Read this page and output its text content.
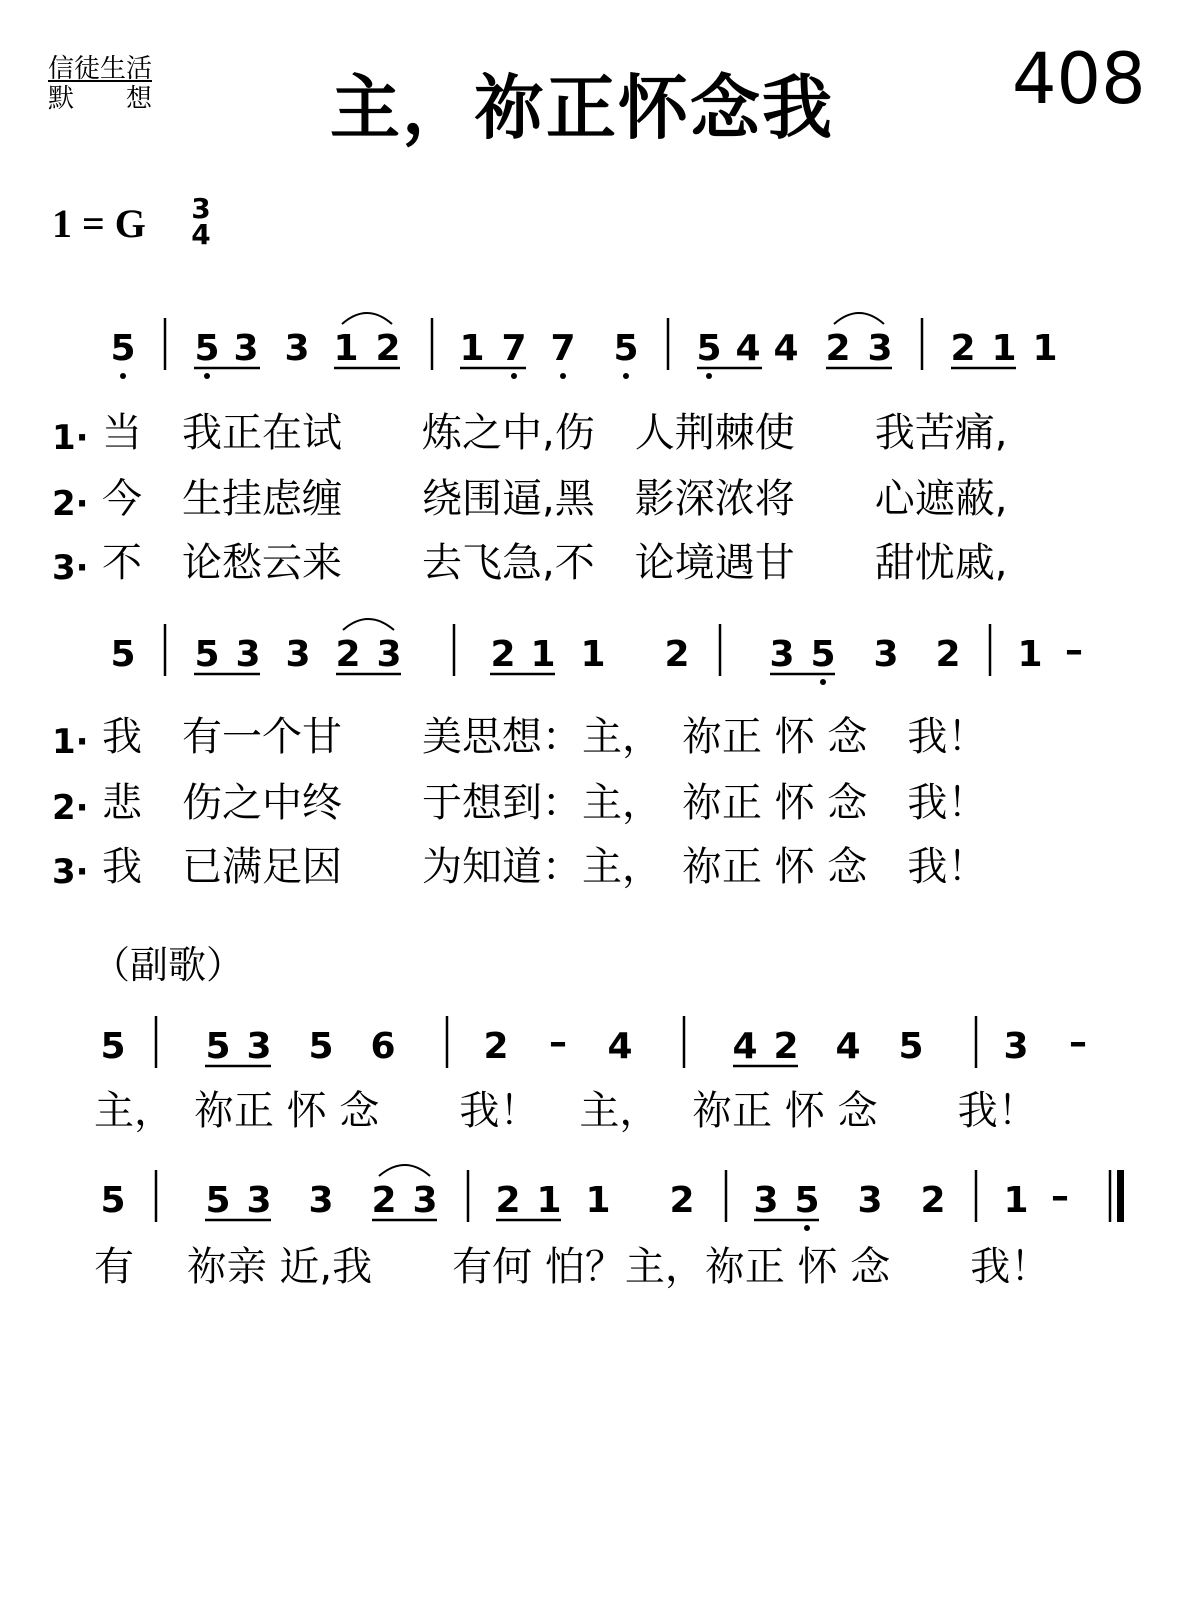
信徒生活
默　　想	主，祢正怀念我	408
1 = G 3
4
5 5 3 3 1 2 1 7 7 5 5 4 4 2 3 2 1 1
1· 当　我正在试　　炼之中,伤　人荆棘使　　我苦痛,
2· 今　生挂虑缠　　绕围逼,黑　影深浓将　　心遮蔽,
3· 不　论愁云来　　去飞急,不　论境遇甘　　甜忧戚,
5 5 3 3 2 3 2 1 1 2 3 5 3 2 1 –
1· 我　有一个甘　　美思想：主，　祢正 怀 念　我！
2· 悲　伤之中终　　于想到：主，　祢正 怀 念　我！
3· 我　已满足因　　为知道：主，　祢正 怀 念　我！
（副歌）
5 5 3 5 6 2 – 4	4 2 4 5 3 –
主，　祢正 怀 念　　我！　主，　 祢正 怀 念　　我！
5 5 3 3 2 3 2 1 1 2 3 5 3 2 1 –
有　 祢亲 近,我　　有何 怕？主，祢正 怀 念　　我！
